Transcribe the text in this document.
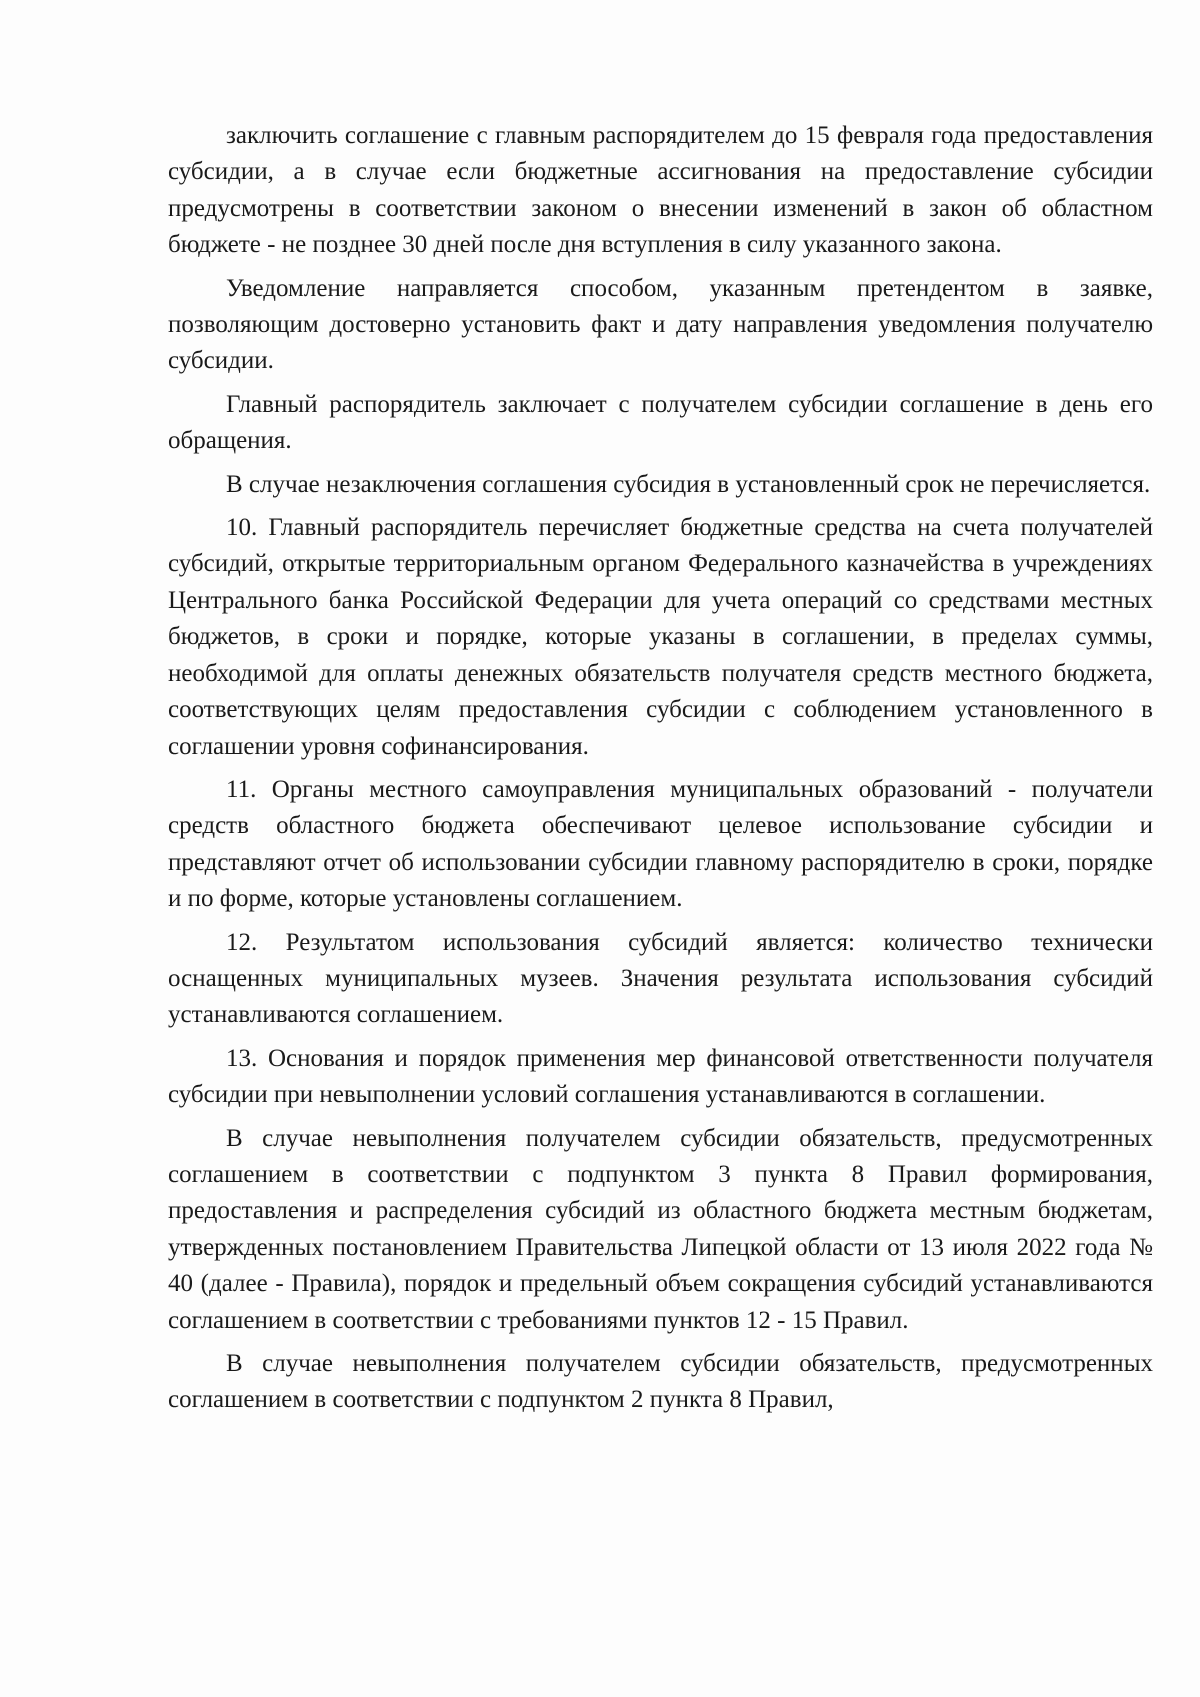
заключить соглашение с главным распорядителем до 15 февраля года предоставления субсидии, а в случае если бюджетные ассигнования на предоставление субсидии предусмотрены в соответствии законом о внесении изменений в закон об областном бюджете - не позднее 30 дней после дня вступления в силу указанного закона.

Уведомление направляется способом, указанным претендентом в заявке, позволяющим достоверно установить факт и дату направления уведомления получателю субсидии.

Главный распорядитель заключает с получателем субсидии соглашение в день его обращения.

В случае незаключения соглашения субсидия в установленный срок не перечисляется.

10. Главный распорядитель перечисляет бюджетные средства на счета получателей субсидий, открытые территориальным органом Федерального казначейства в учреждениях Центрального банка Российской Федерации для учета операций со средствами местных бюджетов, в сроки и порядке, которые указаны в соглашении, в пределах суммы, необходимой для оплаты денежных обязательств получателя средств местного бюджета, соответствующих целям предоставления субсидии с соблюдением установленного в соглашении уровня софинансирования.

11. Органы местного самоуправления муниципальных образований - получатели средств областного бюджета обеспечивают целевое использование субсидии и представляют отчет об использовании субсидии главному распорядителю в сроки, порядке и по форме, которые установлены соглашением.

12. Результатом использования субсидий является: количество технически оснащенных муниципальных музеев. Значения результата использования субсидий устанавливаются соглашением.

13. Основания и порядок применения мер финансовой ответственности получателя субсидии при невыполнении условий соглашения устанавливаются в соглашении.

В случае невыполнения получателем субсидии обязательств, предусмотренных соглашением в соответствии с подпунктом 3 пункта 8 Правил формирования, предоставления и распределения субсидий из областного бюджета местным бюджетам, утвержденных постановлением Правительства Липецкой области от 13 июля 2022 года № 40 (далее - Правила), порядок и предельный объем сокращения субсидий устанавливаются соглашением в соответствии с требованиями пунктов 12 - 15 Правил.

В случае невыполнения получателем субсидии обязательств, предусмотренных соглашением в соответствии с подпунктом 2 пункта 8 Правил,
